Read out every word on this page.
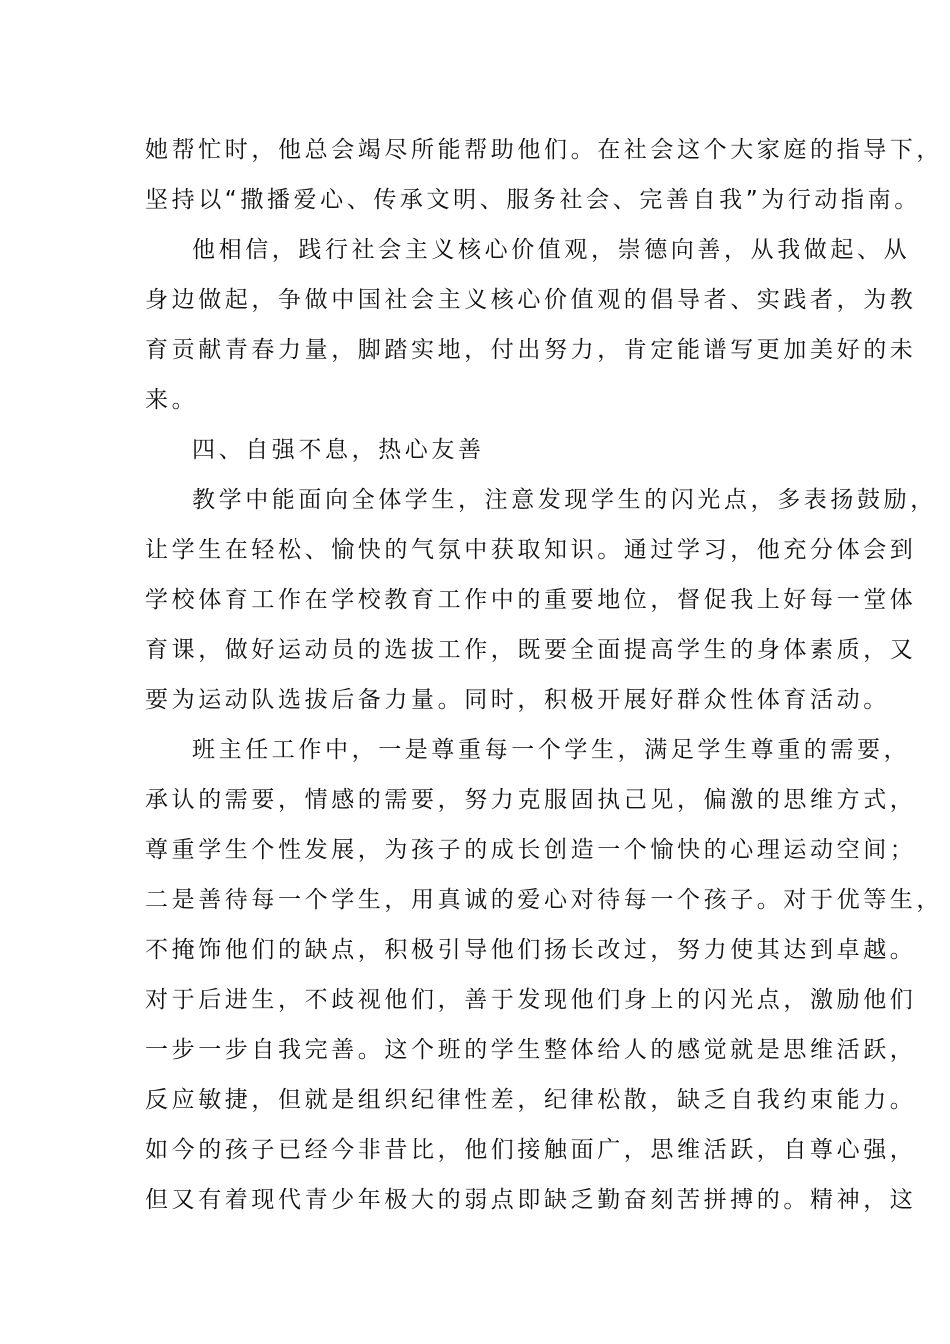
她帮忙时，他总会竭尽所能帮助他们。在社会这个大家庭的指导下，
坚持以“撒播爱心、传承文明、服务社会、完善自我”为行动指南。
他相信，践行社会主义核心价值观，崇德向善，从我做起、从
身边做起，争做中国社会主义核心价值观的倡导者、实践者，为教
育贡献青春力量，脚踏实地，付出努力，肯定能谱写更加美好的未
来。
四、自强不息，热心友善
教学中能面向全体学生，注意发现学生的闪光点，多表扬鼓励，
让学生在轻松、愉快的气氛中获取知识。通过学习，他充分体会到
学校体育工作在学校教育工作中的重要地位，督促我上好每一堂体
育课，做好运动员的选拔工作，既要全面提高学生的身体素质，又
要为运动队选拔后备力量。同时，积极开展好群众性体育活动。
班主任工作中，一是尊重每一个学生，满足学生尊重的需要，
承认的需要，情感的需要，努力克服固执己见，偏激的思维方式，
尊重学生个性发展，为孩子的成长创造一个愉快的心理运动空间；
二是善待每一个学生，用真诚的爱心对待每一个孩子。对于优等生，
不掩饰他们的缺点，积极引导他们扬长改过，努力使其达到卓越。
对于后进生，不歧视他们，善于发现他们身上的闪光点，激励他们
一步一步自我完善。这个班的学生整体给人的感觉就是思维活跃，
反应敏捷，但就是组织纪律性差，纪律松散，缺乏自我约束能力。
如今的孩子已经今非昔比，他们接触面广，思维活跃，自尊心强，
但又有着现代青少年极大的弱点即缺乏勤奋刻苦拼搏的。精神，这
